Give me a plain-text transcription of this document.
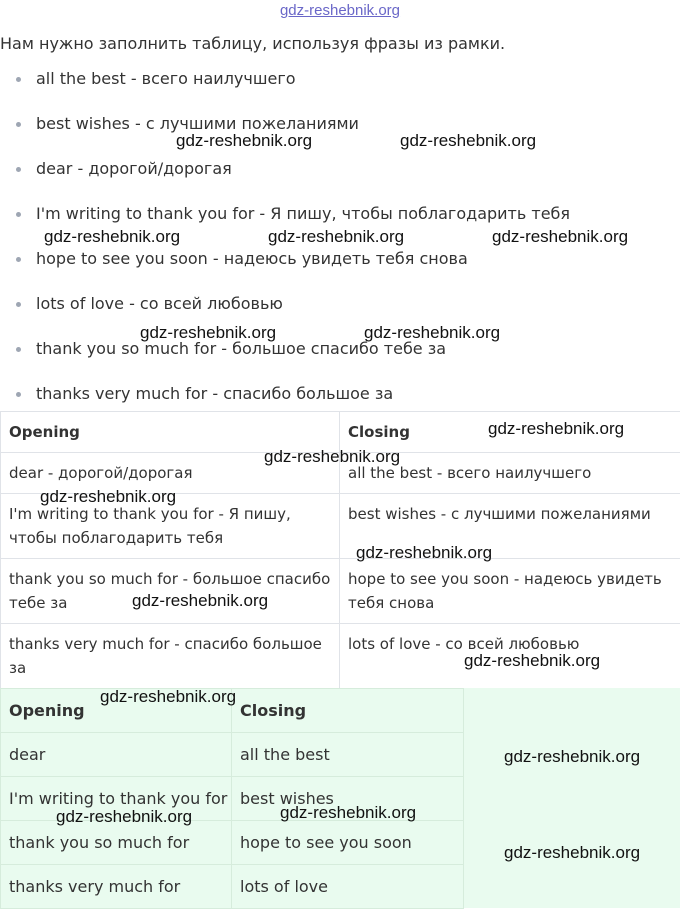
gdz-reshebnik.org
Нам нужно заполнить таблицу, используя фразы из рамки.
all the best - всего наилучшего
best wishes - с лучшими пожеланиями
dear - дорогой/дорогая
I'm writing to thank you for - Я пишу, чтобы поблагодарить тебя
hope to see you soon - надеюсь увидеть тебя снова
lots of love - со всей любовью
thank you so much for - большое спасибо тебе за
thanks very much for - спасибо большое за
Opening	Closing
dear - дорогой/дорогая	all the best - всего наилучшего
I'm writing to thank you for - Я пишу, чтобы поблагодарить тебя	best wishes - с лучшими пожеланиями
thank you so much for - большое спасибо тебе за	hope to see you soon - надеюсь увидеть тебя снова
thanks very much for - спасибо большое за	lots of love - со всей любовью
Opening	Closing
dear	all the best
I'm writing to thank you for	best wishes
thank you so much for	hope to see you soon
thanks very much for	lots of love
gdz-reshebnik.org	gdz-reshebnik.org
gdz-reshebnik.org	gdz-reshebnik.org	gdz-reshebnik.org
gdz-reshebnik.org	gdz-reshebnik.org
gdz-reshebnik.org
gdz-reshebnik.org
gdz-reshebnik.org
gdz-reshebnik.org
gdz-reshebnik.org
gdz-reshebnik.org
gdz-reshebnik.org
gdz-reshebnik.org
gdz-reshebnik.org
gdz-reshebnik.org
gdz-reshebnik.org
